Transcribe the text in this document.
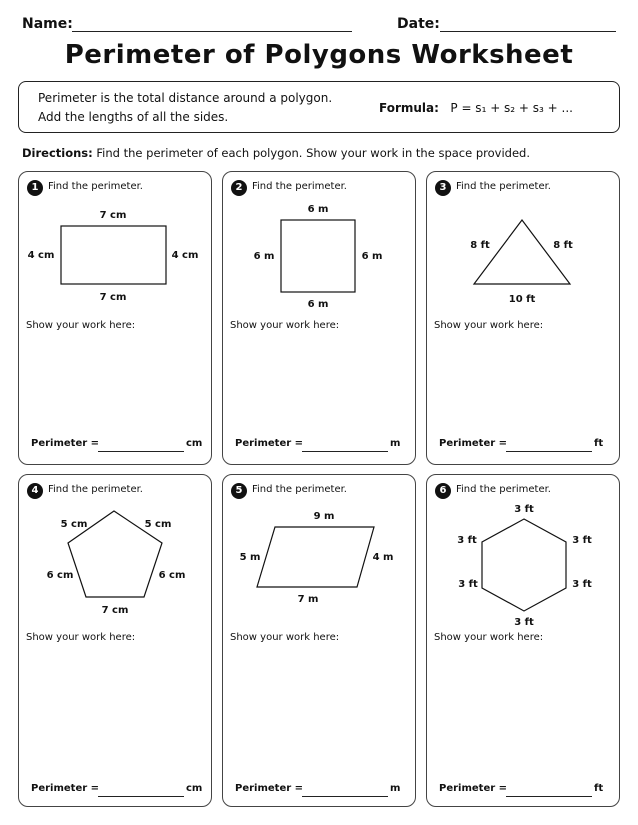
Name:	Date:
Perimeter of Polygons Worksheet
Perimeter is the total distance around a polygon.
Add the lengths of all the sides.
Formula: P = s₁ + s₂ + s₃ + ...
Directions: Find the perimeter of each polygon. Show your work in the space provided.
1 Find the perimeter.
7 cm
4 cm	4 cm
7 cm
Show your work here:
Perimeter =	cm
2 Find the perimeter.
6 m
6 m	6 m
6 m
Show your work here:
Perimeter =	m
3 Find the perimeter.
8 ft	8 ft
10 ft
Show your work here:
Perimeter =	ft
4 Find the perimeter.
5 cm	5 cm
6 cm	6 cm
7 cm
Show your work here:
Perimeter =	cm
5 Find the perimeter.
9 m
5 m	4 m
7 m
Show your work here:
Perimeter =	m
6 Find the perimeter.
3 ft
3 ft	3 ft
3 ft	3 ft
3 ft
Show your work here:
Perimeter =	ft
